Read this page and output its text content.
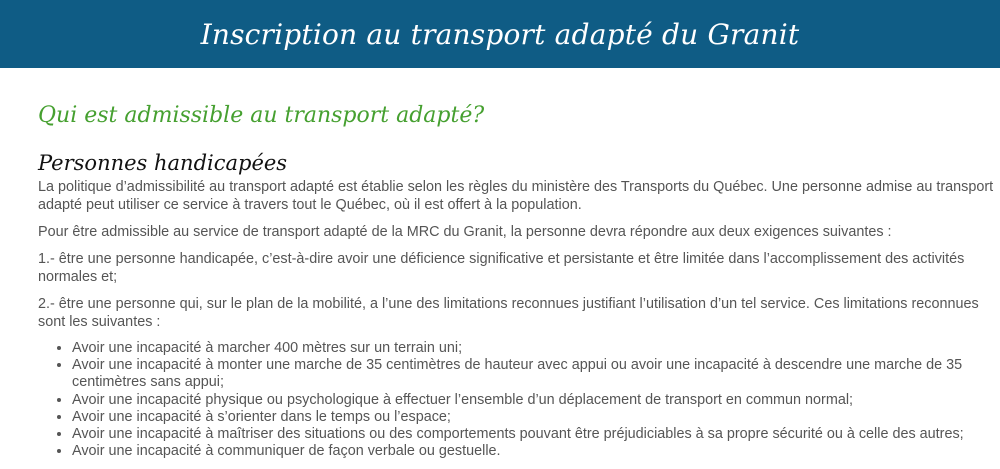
Inscription au transport adapté du Granit
Qui est admissible au transport adapté?
Personnes handicapées

La politique d’admissibilité au transport adapté est établie selon les règles du ministère des Transports du Québec. Une personne admise au transport adapté peut utiliser ce service à travers tout le Québec, où il est offert à la population.

Pour être admissible au service de transport adapté de la MRC du Granit, la personne devra répondre aux deux exigences suivantes :

1.- être une personne handicapée, c’est-à-dire avoir une déficience significative et persistante et être limitée dans l’accomplissement des activités normales et;

2.- être une personne qui, sur le plan de la mobilité, a l’une des limitations reconnues justifiant l’utilisation d’un tel service. Ces limitations reconnues sont les suivantes :

• Avoir une incapacité à marcher 400 mètres sur un terrain uni;
• Avoir une incapacité à monter une marche de 35 centimètres de hauteur avec appui ou avoir une incapacité à descendre une marche de 35 centimètres sans appui;
• Avoir une incapacité physique ou psychologique à effectuer l’ensemble d’un déplacement de transport en commun normal;
• Avoir une incapacité à s’orienter dans le temps ou l’espace;
• Avoir une incapacité à maîtriser des situations ou des comportements pouvant être préjudiciables à sa propre sécurité ou à celle des autres;
• Avoir une incapacité à communiquer de façon verbale ou gestuelle.
